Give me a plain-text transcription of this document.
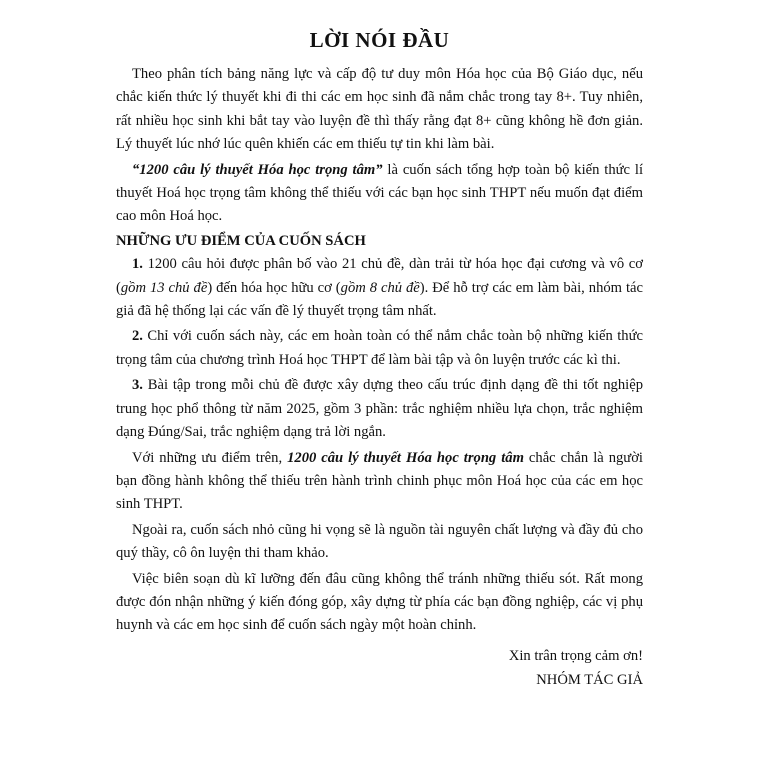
LỜI NÓI ĐẦU

Theo phân tích bảng năng lực và cấp độ tư duy môn Hóa học của Bộ Giáo dục, nếu chắc kiến thức lý thuyết khi đi thi các em học sinh đã nắm chắc trong tay 8+. Tuy nhiên, rất nhiều học sinh khi bắt tay vào luyện đề thì thấy rằng đạt 8+ cũng không hề đơn giản. Lý thuyết lúc nhớ lúc quên khiến các em thiếu tự tin khi làm bài.

“1200 câu lý thuyết Hóa học trọng tâm” là cuốn sách tổng hợp toàn bộ kiến thức lí thuyết Hoá học trọng tâm không thể thiếu với các bạn học sinh THPT nếu muốn đạt điểm cao môn Hoá học.

NHỮNG ƯU ĐIỂM CỦA CUỐN SÁCH

1. 1200 câu hỏi được phân bố vào 21 chủ đề, dàn trải từ hóa học đại cương và vô cơ (gồm 13 chủ đề) đến hóa học hữu cơ (gồm 8 chủ đề). Để hỗ trợ các em làm bài, nhóm tác giả đã hệ thống lại các vấn đề lý thuyết trọng tâm nhất.

2. Chỉ với cuốn sách này, các em hoàn toàn có thể nắm chắc toàn bộ những kiến thức trọng tâm của chương trình Hoá học THPT để làm bài tập và ôn luyện trước các kì thi.

3. Bài tập trong mỗi chủ đề được xây dựng theo cấu trúc định dạng đề thi tốt nghiệp trung học phổ thông từ năm 2025, gồm 3 phần: trắc nghiệm nhiều lựa chọn, trắc nghiệm dạng Đúng/Sai, trắc nghiệm dạng trả lời ngắn.

Với những ưu điểm trên, 1200 câu lý thuyết Hóa học trọng tâm chắc chắn là người bạn đồng hành không thể thiếu trên hành trình chinh phục môn Hoá học của các em học sinh THPT.

Ngoài ra, cuốn sách nhỏ cũng hi vọng sẽ là nguồn tài nguyên chất lượng và đầy đủ cho quý thầy, cô ôn luyện thi tham khảo.

Việc biên soạn dù kĩ lưỡng đến đâu cũng không thể tránh những thiếu sót. Rất mong được đón nhận những ý kiến đóng góp, xây dựng từ phía các bạn đồng nghiệp, các vị phụ huynh và các em học sinh để cuốn sách ngày một hoàn chỉnh.

Xin trân trọng cảm ơn!

NHÓM TÁC GIẢ
